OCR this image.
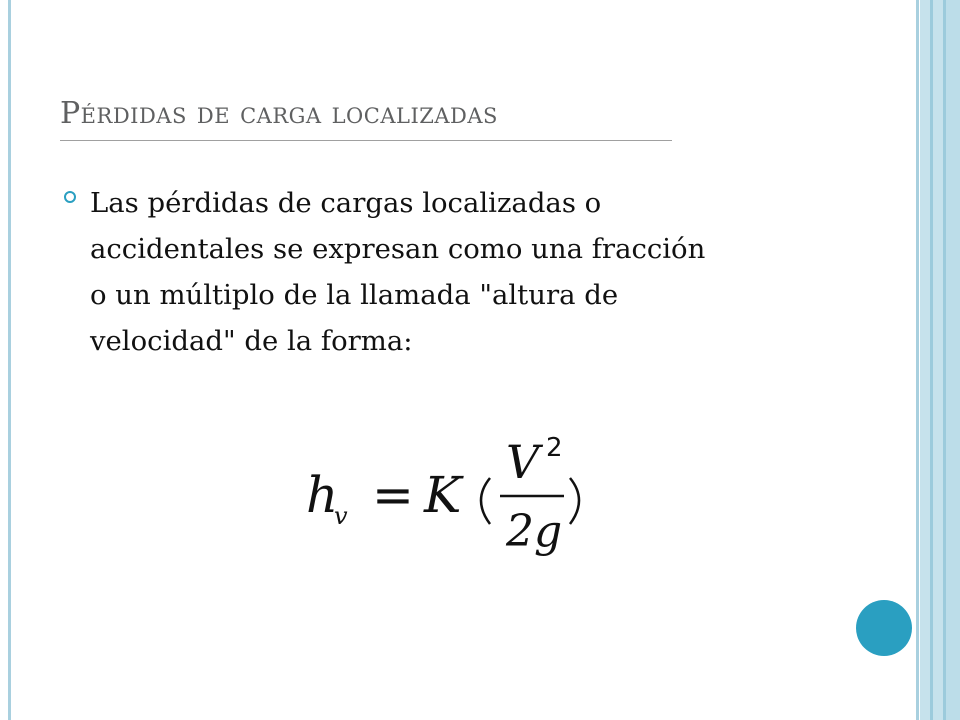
Pérdidas de carga localizadas
Las pérdidas de cargas localizadas o accidentales se expresan como una fracción o un múltiplo de la llamada "altura de velocidad" de la forma:
h
v = K
V 2
2g
